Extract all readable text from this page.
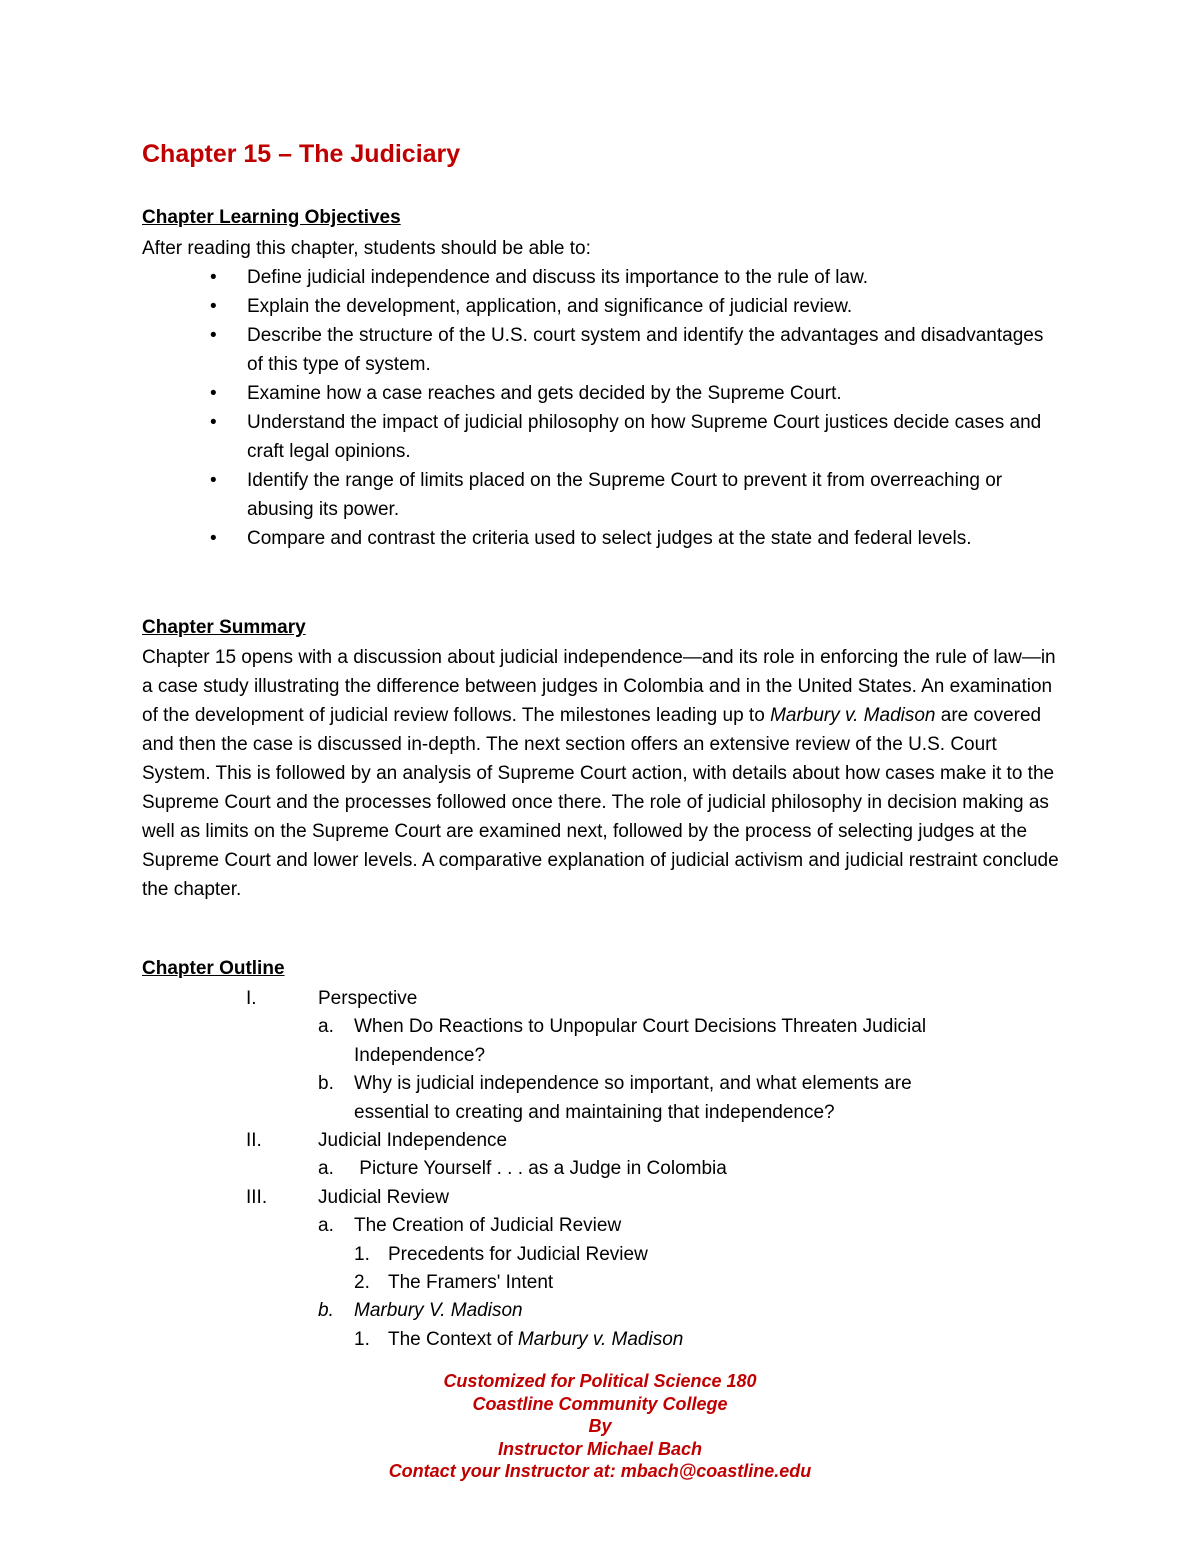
Chapter 15 – The Judiciary
Chapter Learning Objectives

After reading this chapter, students should be able to:

• Define judicial independence and discuss its importance to the rule of law.
• Explain the development, application, and significance of judicial review.
• Describe the structure of the U.S. court system and identify the advantages and disadvantages of this type of system.
• Examine how a case reaches and gets decided by the Supreme Court.
• Understand the impact of judicial philosophy on how Supreme Court justices decide cases and craft legal opinions.
• Identify the range of limits placed on the Supreme Court to prevent it from overreaching or abusing its power.
• Compare and contrast the criteria used to select judges at the state and federal levels.
Chapter Summary

Chapter 15 opens with a discussion about judicial independence—and its role in enforcing the rule of law—in a case study illustrating the difference between judges in Colombia and in the United States. An examination of the development of judicial review follows. The milestones leading up to Marbury v. Madison are covered and then the case is discussed in-depth. The next section offers an extensive review of the U.S. Court System. This is followed by an analysis of Supreme Court action, with details about how cases make it to the Supreme Court and the processes followed once there. The role of judicial philosophy in decision making as well as limits on the Supreme Court are examined next, followed by the process of selecting judges at the Supreme Court and lower levels. A comparative explanation of judicial activism and judicial restraint conclude the chapter.

Chapter Outline
I.	Perspective
a. When Do Reactions to Unpopular Court Decisions Threaten Judicial
Independence?
b. Why is judicial independence so important, and what elements are
essential to creating and maintaining that independence?
II.	Judicial Independence
a. Picture Yourself . . . as a Judge in Colombia
III.	Judicial Review
a. The Creation of Judicial Review
1. Precedents for Judicial Review
2. The Framers' Intent
b. Marbury V. Madison
1. The Context of Marbury v. Madison
Customized for Political Science 180
Coastline Community College
By
Instructor Michael Bach
Contact your Instructor at: mbach@coastline.edu
